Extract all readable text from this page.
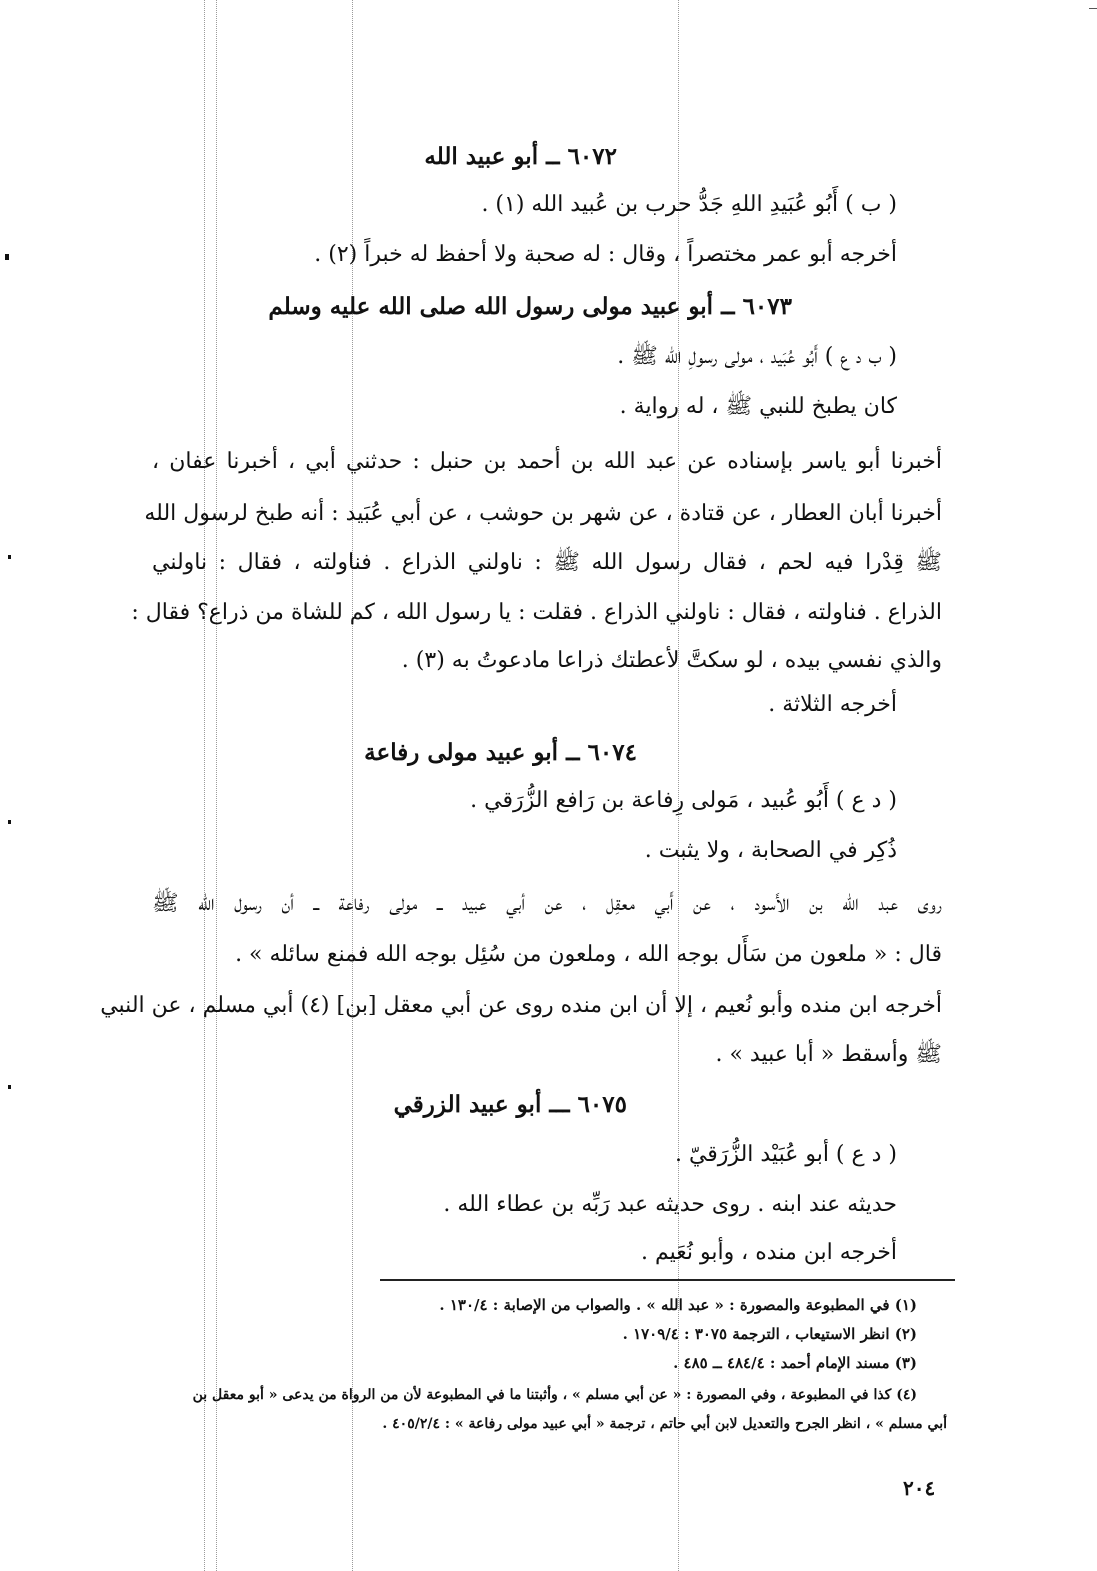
٦٠٧٢ ــ أبو عبيد الله
( ب ) أَبُو عُبَيدِ اللهِ جَدُّ حرب بن عُبيد الله (١) .
أخرجه أبو عمر مختصراً ، وقال : له صحبة ولا أحفظ له خبراً (٢) .
٦٠٧٣ ــ أبو عبيد مولى رسول الله صلى الله عليه وسلم
( ب د ع ) أَبُو عُبَيد ، مولى رسولِ الله ﷺ .
كان يطبخ للنبي ﷺ ، له رواية .
أخبرنا أبو ياسر بإسناده عن عبد الله بن أحمد بن حنبل : حدثني أبي ، أخبرنا عفان ،
أخبرنا أبان العطار ، عن قتادة ، عن شهر بن حوشب ، عن أبي عُبَيد : أنه طبخ لرسول الله
ﷺ قِدْرا فيه لحم ، فقال رسول الله ﷺ : ناولني الذراع . فناولته ، فقال : ناولني
الذراع . فناولته ، فقال : ناولني الذراع . فقلت : يا رسول الله ، كم للشاة من ذراع؟ فقال :
والذي نفسي بيده ، لو سكتَّ لأعطتك ذراعا مادعوتُ به (٣) .
أخرجه الثلاثة .
٦٠٧٤ ــ أبو عبيد مولى رفاعة
( د ع ) أَبُو عُبيد ، مَولى رِفاعة بن رَافع الزُّرَقي .
ذُكِر في الصحابة ، ولا يثبت .
روى عبد الله بن الأَسود ، عن أَبي معقِل ، عن أبي عبيد ــ مولى رفاعة ــ أن رسول الله ﷺ
قال : « ملعون من سَأَل بوجه الله ، وملعون من سُئِل بوجه الله فمنع سائله » .
أخرجه ابن منده وأبو نُعيم ، إلا أن ابن منده روى عن أبي معقل [بن] (٤) أبي مسلم ، عن النبي
ﷺ وأسقط « أبا عبيد » .
٦٠٧٥ ـــ أبو عبيد الزرقي
( د ع ) أبو عُبَيْد الزُّرَقيّ .
حديثه عند ابنه . روى حديثه عبد رَبِّه بن عطاء الله .
أخرجه ابن منده ، وأبو نُعَيم .
(١) في المطبوعة والمصورة : « عبد الله » . والصواب من الإصابة : ١٣٠/٤ .
(٢) انظر الاستيعاب ، الترجمة ٣٠٧٥ : ١٧٠٩/٤ .
(٣) مسند الإمام أحمد : ٤٨٤/٤ ــ ٤٨٥ .
(٤) كذا في المطبوعة ، وفي المصورة : « عن أبي مسلم » ، وأثبتنا ما في المطبوعة لأن من الرواة من يدعى « أبو معقل بن
أبي مسلم » ، انظر الجرح والتعديل لابن أبي حاتم ، ترجمة « أبي عبيد مولى رفاعة » : ٤٠٥/٢/٤ .
٢٠٤
